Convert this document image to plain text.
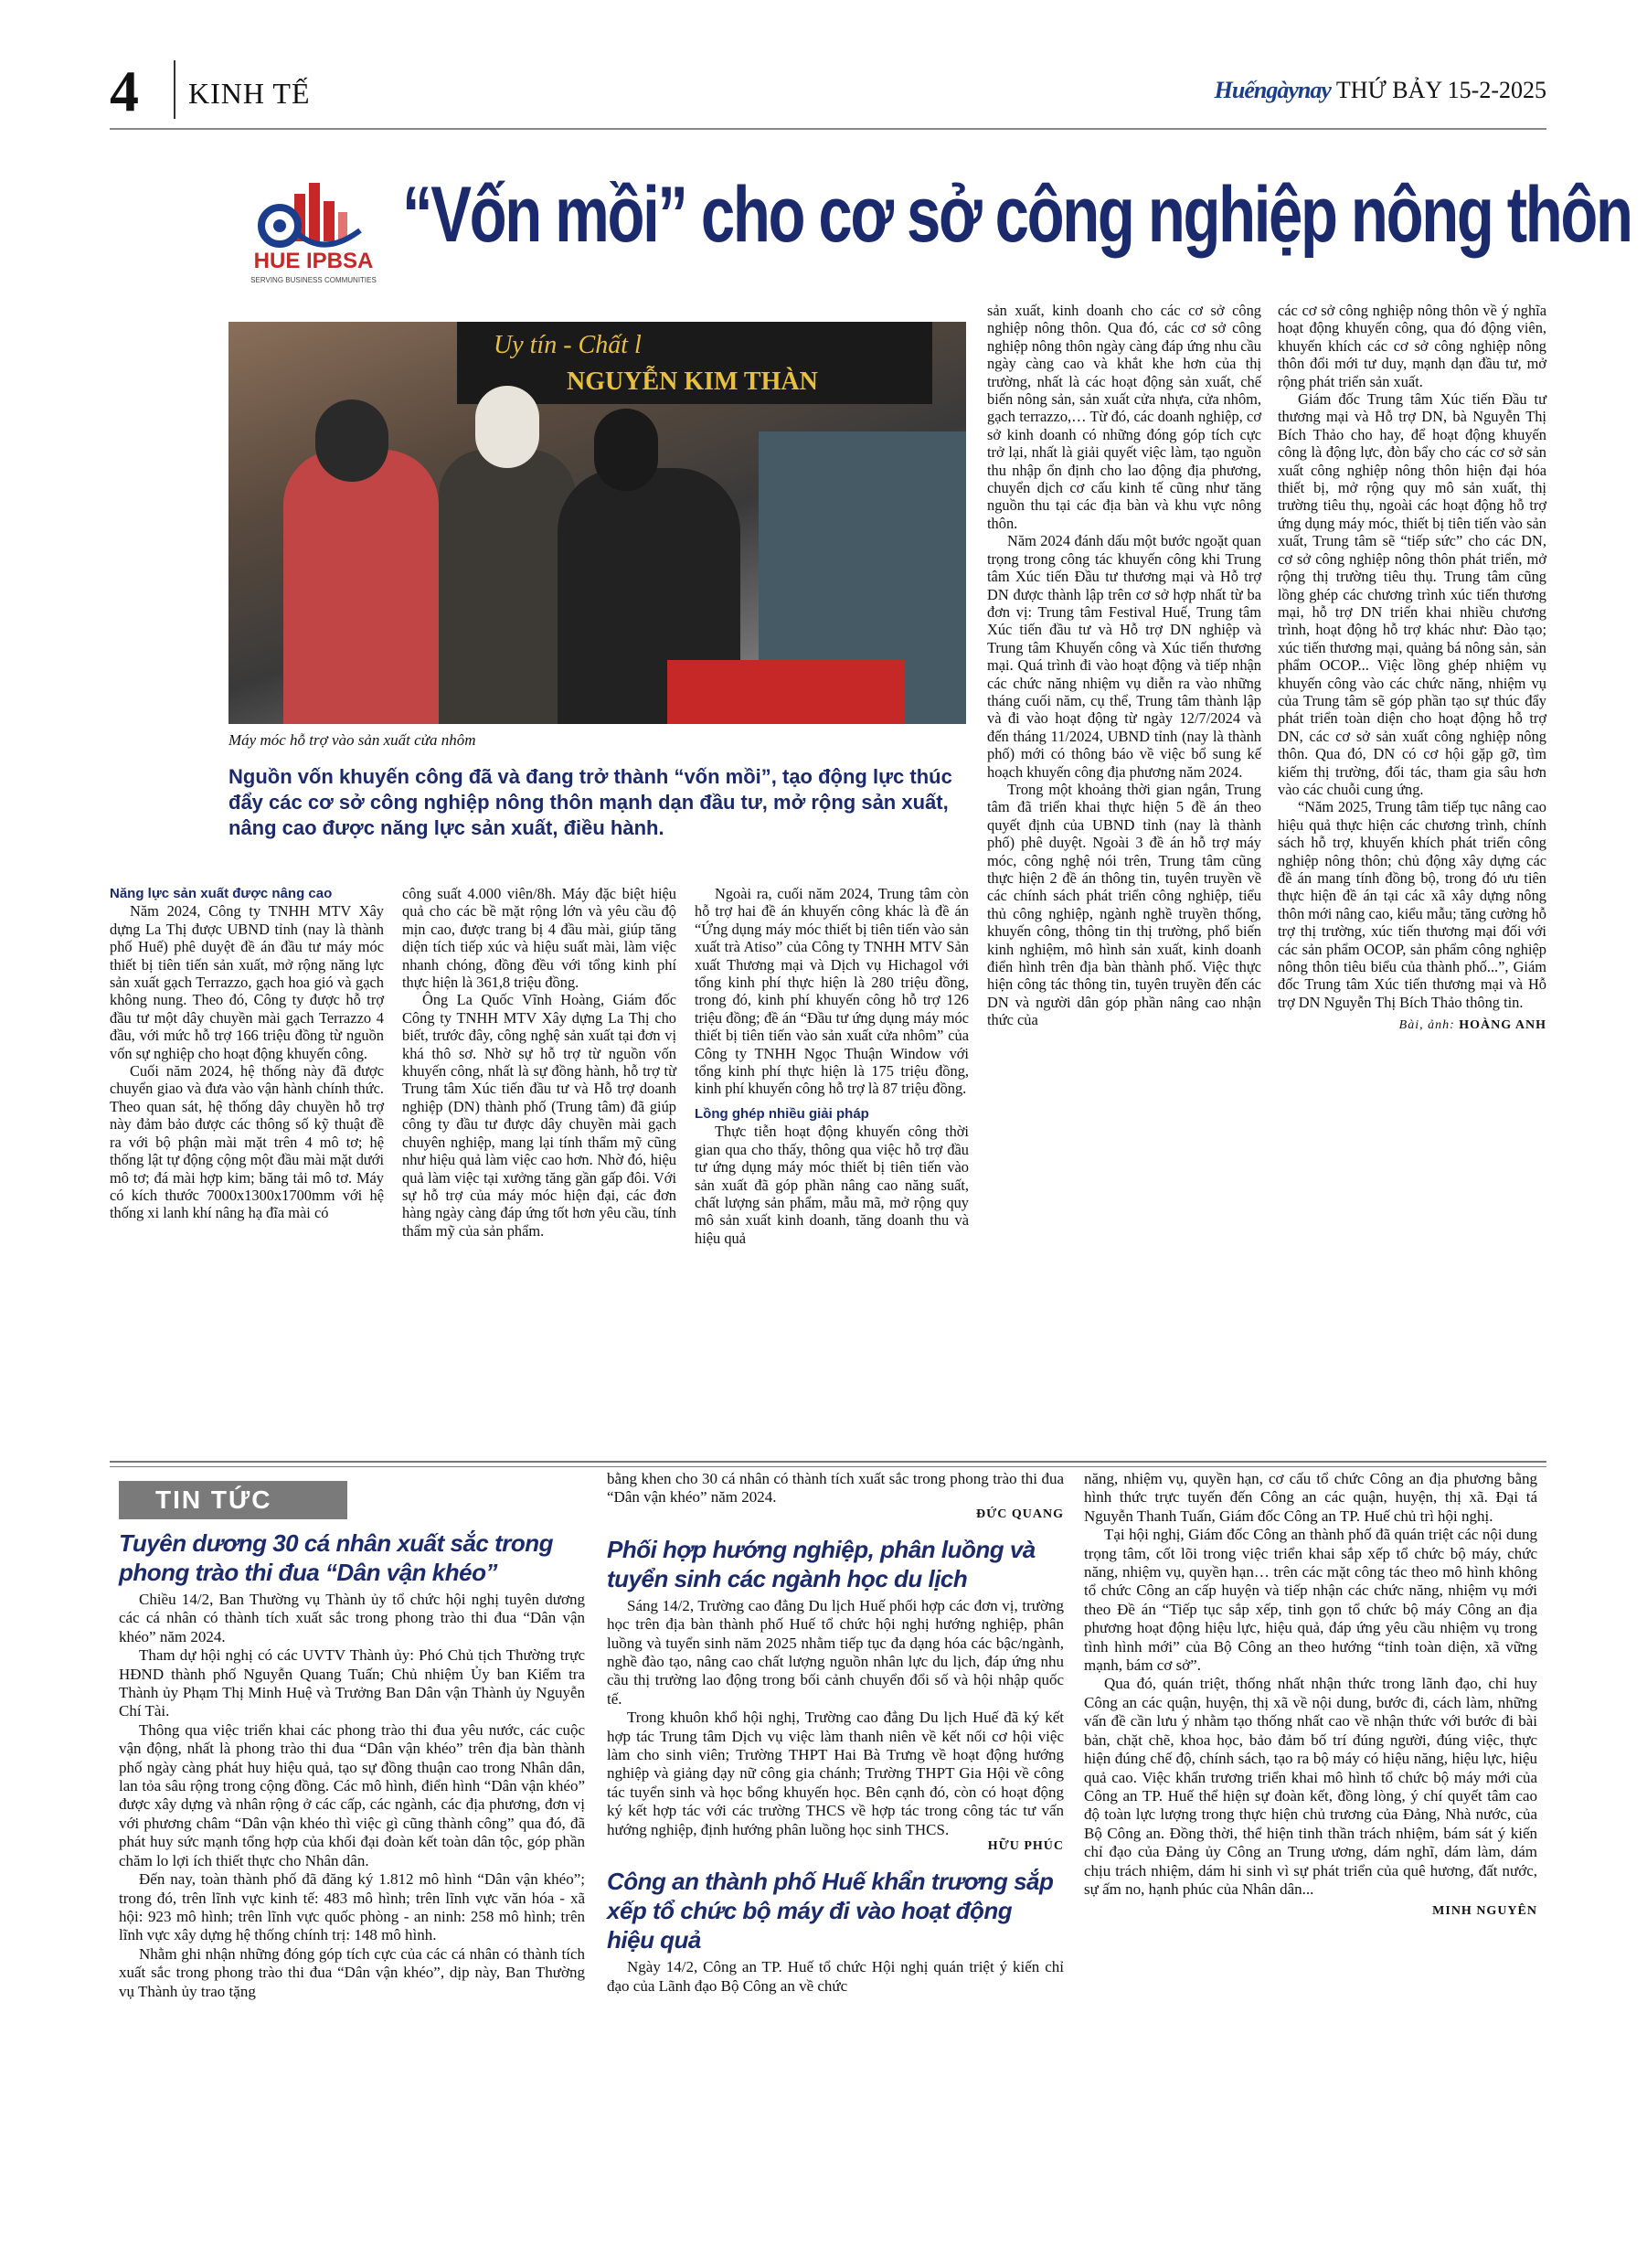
4 KINH TẾ	Huếngàynay THỨ BẢY 15-2-2025
HUE IPBSA
SERVING BUSINESS COMMUNITIES
“Vốn mồi” cho cơ sở công nghiệp nông thôn
Uy tín - Chất l
NGUYỄN KIM THÀN
Máy móc hỗ trợ vào sản xuất cửa nhôm
Nguồn vốn khuyến công đã và đang trở thành “vốn mồi”, tạo động lực thúc đẩy các cơ sở công nghiệp nông thôn mạnh dạn đầu tư, mở rộng sản xuất, nâng cao được năng lực sản xuất, điều hành.

Năng lực sản xuất được nâng cao

Năm 2024, Công ty TNHH MTV Xây dựng La Thị được UBND tỉnh (nay là thành phố Huế) phê duyệt đề án đầu tư máy móc thiết bị tiên tiến sản xuất, mở rộng năng lực sản xuất gạch Terrazzo, gạch hoa gió và gạch không nung. Theo đó, Công ty được hỗ trợ đầu tư một dây chuyền mài gạch Terrazzo 4 đầu, với mức hỗ trợ 166 triệu đồng từ nguồn vốn sự nghiệp cho hoạt động khuyến công.

Cuối năm 2024, hệ thống này đã được chuyển giao và đưa vào vận hành chính thức. Theo quan sát, hệ thống dây chuyền hỗ trợ này đảm bảo được các thông số kỹ thuật đề ra với bộ phận mài mặt trên 4 mô tơ; hệ thống lật tự động cộng một đầu mài mặt dưới mô tơ; đá mài hợp kim; băng tải mô tơ. Máy có kích thước 7000x1300x1700mm với hệ thống xi lanh khí nâng hạ đĩa mài có

công suất 4.000 viên/8h. Máy đặc biệt hiệu quả cho các bề mặt rộng lớn và yêu cầu độ mịn cao, được trang bị 4 đầu mài, giúp tăng diện tích tiếp xúc và hiệu suất mài, làm việc nhanh chóng, đồng đều với tổng kinh phí thực hiện là 361,8 triệu đồng.

Ông La Quốc Vĩnh Hoàng, Giám đốc Công ty TNHH MTV Xây dựng La Thị cho biết, trước đây, công nghệ sản xuất tại đơn vị khá thô sơ. Nhờ sự hỗ trợ từ nguồn vốn khuyến công, nhất là sự đồng hành, hỗ trợ từ Trung tâm Xúc tiến đầu tư và Hỗ trợ doanh nghiệp (DN) thành phố (Trung tâm) đã giúp công ty đầu tư được dây chuyền mài gạch chuyên nghiệp, mang lại tính thẩm mỹ cũng như hiệu quả làm việc cao hơn. Nhờ đó, hiệu quả làm việc tại xưởng tăng gần gấp đôi. Với sự hỗ trợ của máy móc hiện đại, các đơn hàng ngày càng đáp ứng tốt hơn yêu cầu, tính thẩm mỹ của sản phẩm.

Ngoài ra, cuối năm 2024, Trung tâm còn hỗ trợ hai đề án khuyến công khác là đề án “Ứng dụng máy móc thiết bị tiên tiến vào sản xuất trà Atiso” của Công ty TNHH MTV Sản xuất Thương mại và Dịch vụ Hichagol với tổng kinh phí thực hiện là 280 triệu đồng, trong đó, kinh phí khuyến công hỗ trợ 126 triệu đồng; đề án “Đầu tư ứng dụng máy móc thiết bị tiên tiến vào sản xuất cửa nhôm” của Công ty TNHH Ngọc Thuận Window với tổng kinh phí thực hiện là 175 triệu đồng, kinh phí khuyến công hỗ trợ là 87 triệu đồng.

Lồng ghép nhiều giải pháp

Thực tiễn hoạt động khuyến công thời gian qua cho thấy, thông qua việc hỗ trợ đầu tư ứng dụng máy móc thiết bị tiên tiến vào sản xuất đã góp phần nâng cao năng suất, chất lượng sản phẩm, mẫu mã, mở rộng quy mô sản xuất kinh doanh, tăng doanh thu và hiệu quả

sản xuất, kinh doanh cho các cơ sở công nghiệp nông thôn. Qua đó, các cơ sở công nghiệp nông thôn ngày càng đáp ứng nhu cầu ngày càng cao và khắt khe hơn của thị trường, nhất là các hoạt động sản xuất, chế biến nông sản, sản xuất cửa nhựa, cửa nhôm, gạch terrazzo,… Từ đó, các doanh nghiệp, cơ sở kinh doanh có những đóng góp tích cực trở lại, nhất là giải quyết việc làm, tạo nguồn thu nhập ổn định cho lao động địa phương, chuyển dịch cơ cấu kinh tế cũng như tăng nguồn thu tại các địa bàn và khu vực nông thôn.

Năm 2024 đánh dấu một bước ngoặt quan trọng trong công tác khuyến công khi Trung tâm Xúc tiến Đầu tư thương mại và Hỗ trợ DN được thành lập trên cơ sở hợp nhất từ ba đơn vị: Trung tâm Festival Huế, Trung tâm Xúc tiến đầu tư và Hỗ trợ DN nghiệp và Trung tâm Khuyến công và Xúc tiến thương mại. Quá trình đi vào hoạt động và tiếp nhận các chức năng nhiệm vụ diễn ra vào những tháng cuối năm, cụ thể, Trung tâm thành lập và đi vào hoạt động từ ngày 12/7/2024 và đến tháng 11/2024, UBND tỉnh (nay là thành phố) mới có thông báo về việc bổ sung kế hoạch khuyến công địa phương năm 2024.

Trong một khoảng thời gian ngắn, Trung tâm đã triển khai thực hiện 5 đề án theo quyết định của UBND tỉnh (nay là thành phố) phê duyệt. Ngoài 3 đề án hỗ trợ máy móc, công nghệ nói trên, Trung tâm cũng thực hiện 2 đề án thông tin, tuyên truyền về các chính sách phát triển công nghiệp, tiểu thủ công nghiệp, ngành nghề truyền thống, khuyến công, thông tin thị trường, phổ biến kinh nghiệm, mô hình sản xuất, kinh doanh điển hình trên địa bàn thành phố. Việc thực hiện công tác thông tin, tuyên truyền đến các DN và người dân góp phần nâng cao nhận thức của

các cơ sở công nghiệp nông thôn về ý nghĩa hoạt động khuyến công, qua đó động viên, khuyến khích các cơ sở công nghiệp nông thôn đổi mới tư duy, mạnh dạn đầu tư, mở rộng phát triển sản xuất.

Giám đốc Trung tâm Xúc tiến Đầu tư thương mại và Hỗ trợ DN, bà Nguyễn Thị Bích Thảo cho hay, để hoạt động khuyến công là động lực, đòn bẩy cho các cơ sở sản xuất công nghiệp nông thôn hiện đại hóa thiết bị, mở rộng quy mô sản xuất, thị trường tiêu thụ, ngoài các hoạt động hỗ trợ ứng dụng máy móc, thiết bị tiên tiến vào sản xuất, Trung tâm sẽ “tiếp sức” cho các DN, cơ sở công nghiệp nông thôn phát triển, mở rộng thị trường tiêu thụ. Trung tâm cũng lồng ghép các chương trình xúc tiến thương mại, hỗ trợ DN triển khai nhiều chương trình, hoạt động hỗ trợ khác như: Đào tạo; xúc tiến thương mại, quảng bá nông sản, sản phẩm OCOP... Việc lồng ghép nhiệm vụ khuyến công vào các chức năng, nhiệm vụ của Trung tâm sẽ góp phần tạo sự thúc đẩy phát triển toàn diện cho hoạt động hỗ trợ DN, các cơ sở sản xuất công nghiệp nông thôn. Qua đó, DN có cơ hội gặp gỡ, tìm kiếm thị trường, đối tác, tham gia sâu hơn vào các chuỗi cung ứng.

“Năm 2025, Trung tâm tiếp tục nâng cao hiệu quả thực hiện các chương trình, chính sách hỗ trợ, khuyến khích phát triển công nghiệp nông thôn; chủ động xây dựng các đề án mang tính đồng bộ, trong đó ưu tiên thực hiện đề án tại các xã xây dựng nông thôn mới nâng cao, kiểu mẫu; tăng cường hỗ trợ thị trường, xúc tiến thương mại đối với các sản phẩm OCOP, sản phẩm công nghiệp nông thôn tiêu biểu của thành phố...”, Giám đốc Trung tâm Xúc tiến thương mại và Hỗ trợ DN Nguyễn Thị Bích Thảo thông tin.

Bài, ảnh: HOÀNG ANH
TIN TỨC
Tuyên dương 30 cá nhân xuất sắc trong phong trào thi đua “Dân vận khéo”

Chiều 14/2, Ban Thường vụ Thành ủy tổ chức hội nghị tuyên dương các cá nhân có thành tích xuất sắc trong phong trào thi đua “Dân vận khéo” năm 2024.

Tham dự hội nghị có các UVTV Thành ủy: Phó Chủ tịch Thường trực HĐND thành phố Nguyễn Quang Tuấn; Chủ nhiệm Ủy ban Kiểm tra Thành ủy Phạm Thị Minh Huệ và Trưởng Ban Dân vận Thành ủy Nguyễn Chí Tài.

Thông qua việc triển khai các phong trào thi đua yêu nước, các cuộc vận động, nhất là phong trào thi đua “Dân vận khéo” trên địa bàn thành phố ngày càng phát huy hiệu quả, tạo sự đồng thuận cao trong Nhân dân, lan tỏa sâu rộng trong cộng đồng. Các mô hình, điển hình “Dân vận khéo” được xây dựng và nhân rộng ở các cấp, các ngành, các địa phương, đơn vị với phương châm “Dân vận khéo thì việc gì cũng thành công” qua đó, đã phát huy sức mạnh tổng hợp của khối đại đoàn kết toàn dân tộc, góp phần chăm lo lợi ích thiết thực cho Nhân dân.

Đến nay, toàn thành phố đã đăng ký 1.812 mô hình “Dân vận khéo”; trong đó, trên lĩnh vực kinh tế: 483 mô hình; trên lĩnh vực văn hóa - xã hội: 923 mô hình; trên lĩnh vực quốc phòng - an ninh: 258 mô hình; trên lĩnh vực xây dựng hệ thống chính trị: 148 mô hình.

Nhằm ghi nhận những đóng góp tích cực của các cá nhân có thành tích xuất sắc trong phong trào thi đua “Dân vận khéo”, dịp này, Ban Thường vụ Thành ủy trao tặng

bằng khen cho 30 cá nhân có thành tích xuất sắc trong phong trào thi đua “Dân vận khéo” năm 2024.

ĐỨC QUANG
Phối hợp hướng nghiệp, phân luồng và tuyển sinh các ngành học du lịch

Sáng 14/2, Trường cao đẳng Du lịch Huế phối hợp các đơn vị, trường học trên địa bàn thành phố Huế tổ chức hội nghị hướng nghiệp, phân luồng và tuyển sinh năm 2025 nhằm tiếp tục đa dạng hóa các bậc/ngành, nghề đào tạo, nâng cao chất lượng nguồn nhân lực du lịch, đáp ứng nhu cầu thị trường lao động trong bối cảnh chuyển đổi số và hội nhập quốc tế.

Trong khuôn khổ hội nghị, Trường cao đẳng Du lịch Huế đã ký kết hợp tác Trung tâm Dịch vụ việc làm thanh niên về kết nối cơ hội việc làm cho sinh viên; Trường THPT Hai Bà Trưng về hoạt động hướng nghiệp và giảng dạy nữ công gia chánh; Trường THPT Gia Hội về công tác tuyển sinh và học bổng khuyến học. Bên cạnh đó, còn có hoạt động ký kết hợp tác với các trường THCS về hợp tác trong công tác tư vấn hướng nghiệp, định hướng phân luồng học sinh THCS.

HỮU PHÚC
Công an thành phố Huế khẩn trương sắp xếp tổ chức bộ máy đi vào hoạt động hiệu quả

Ngày 14/2, Công an TP. Huế tổ chức Hội nghị quán triệt ý kiến chỉ đạo của Lãnh đạo Bộ Công an về chức

năng, nhiệm vụ, quyền hạn, cơ cấu tổ chức Công an địa phương bằng hình thức trực tuyến đến Công an các quận, huyện, thị xã. Đại tá Nguyễn Thanh Tuấn, Giám đốc Công an TP. Huế chủ trì hội nghị.

Tại hội nghị, Giám đốc Công an thành phố đã quán triệt các nội dung trọng tâm, cốt lõi trong việc triển khai sắp xếp tổ chức bộ máy, chức năng, nhiệm vụ, quyền hạn… trên các mặt công tác theo mô hình không tổ chức Công an cấp huyện và tiếp nhận các chức năng, nhiệm vụ mới theo Đề án “Tiếp tục sắp xếp, tinh gọn tổ chức bộ máy Công an địa phương hoạt động hiệu lực, hiệu quả, đáp ứng yêu cầu nhiệm vụ trong tình hình mới” của Bộ Công an theo hướng “tỉnh toàn diện, xã vững mạnh, bám cơ sở”.

Qua đó, quán triệt, thống nhất nhận thức trong lãnh đạo, chỉ huy Công an các quận, huyện, thị xã về nội dung, bước đi, cách làm, những vấn đề cần lưu ý nhằm tạo thống nhất cao về nhận thức với bước đi bài bản, chặt chẽ, khoa học, bảo đảm bố trí đúng người, đúng việc, thực hiện đúng chế độ, chính sách, tạo ra bộ máy có hiệu năng, hiệu lực, hiệu quả cao. Việc khẩn trương triển khai mô hình tổ chức bộ máy mới của Công an TP. Huế thể hiện sự đoàn kết, đồng lòng, ý chí quyết tâm cao độ toàn lực lượng trong thực hiện chủ trương của Đảng, Nhà nước, của Bộ Công an. Đồng thời, thể hiện tinh thần trách nhiệm, bám sát ý kiến chỉ đạo của Đảng ủy Công an Trung ương, dám nghĩ, dám làm, dám chịu trách nhiệm, dám hi sinh vì sự phát triển của quê hương, đất nước, sự ấm no, hạnh phúc của Nhân dân...

MINH NGUYÊN
